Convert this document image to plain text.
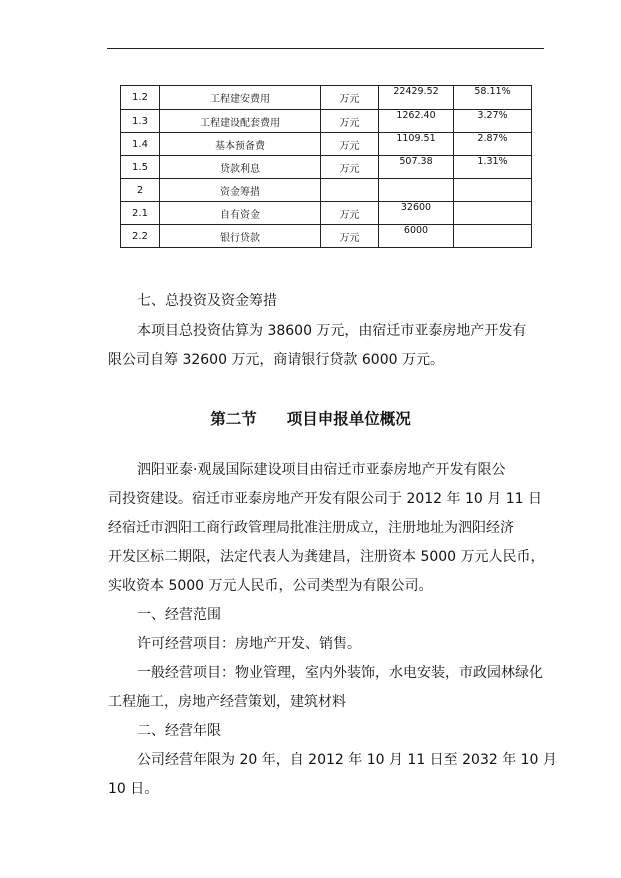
1.2	工程建安费用	万元	22429.52	58.11%
1.3	工程建设配套费用	万元	1262.40	3.27%
1.4	基本预备费	万元	1109.51	2.87%
1.5	贷款利息	万元	507.38	1.31%
2	资金筹措			
2.1	自有资金	万元	32600	
2.2	银行贷款	万元	6000	
七、总投资及资金筹措
本项目总投资估算为 38600 万元，由宿迁市亚泰房地产开发有
限公司自筹 32600 万元，商请银行贷款 6000 万元。
第二节 项目申报单位概况
泗阳亚泰·观晟国际建设项目由宿迁市亚泰房地产开发有限公
司投资建设。宿迁市亚泰房地产开发有限公司于 2012 年 10 月 11 日
经宿迁市泗阳工商行政管理局批准注册成立，注册地址为泗阳经济
开发区标二期限，法定代表人为龚建昌，注册资本 5000 万元人民币，
实收资本 5000 万元人民币，公司类型为有限公司。
一、经营范围
许可经营项目：房地产开发、销售。
一般经营项目：物业管理，室内外装饰，水电安装，市政园林绿化
工程施工，房地产经营策划，建筑材料
二、经营年限
公司经营年限为 20 年，自 2012 年 10 月 11 日至 2032 年 10 月
10 日。
